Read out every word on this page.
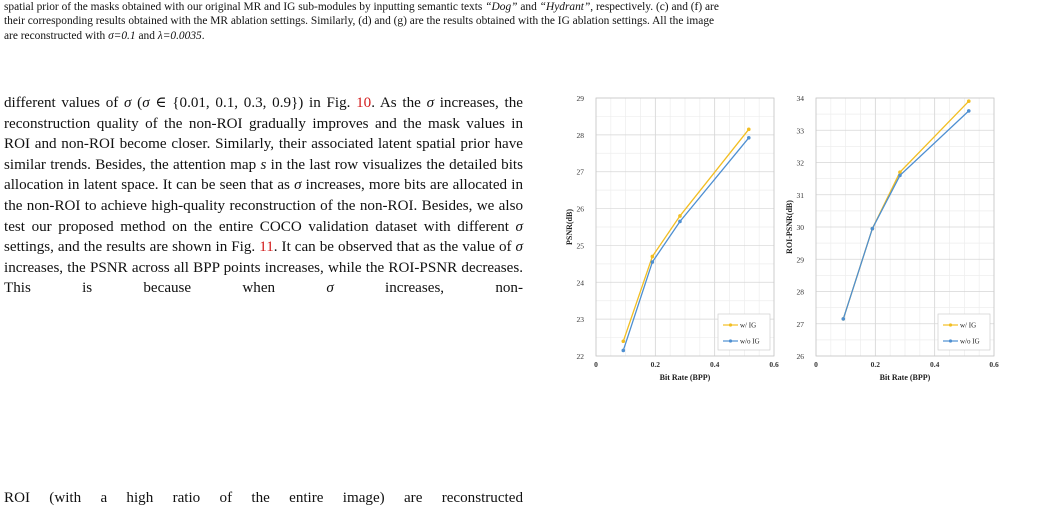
spatial prior of the masks obtained with our original MR and IG sub-modules by inputting semantic texts “Dog” and “Hydrant”, respectively. (c) and (f) are
their corresponding results obtained with the MR ablation settings. Similarly, (d) and (g) are the results obtained with the IG ablation settings. All the image
are reconstructed with σ=0.1 and λ=0.0035.
different values of σ (σ ∈ {0.01, 0.1, 0.3, 0.9}) in Fig. 10. As the σ increases, the reconstruction quality of the non-ROI gradually improves and the mask values in ROI and non-ROI become closer. Similarly, their associated latent spatial prior have similar trends. Besides, the attention map s in the last row visualizes the detailed bits allocation in latent space. It can be seen that as σ increases, more bits are allocated in the non-ROI to achieve high-quality reconstruction of the non-ROI. Besides, we also test our proposed method on the entire COCO validation dataset with different σ settings, and the results are shown in Fig. 11. It can be observed that as the value of σ increases, the PSNR across all BPP points increases, while the ROI-PSNR decreases. This is because when σ increases, non-
ROI (with a high ratio of the entire image) are reconstructed
22
23
24
25
26
27
28
29
0	0.2	0.4	0.6
Bit Rate (BPP)
PSNR(dB)
w/ IG
w/o IG
26
27
28
29
30
31
32
33
34
0	0.2	0.4	0.6
Bit Rate (BPP)
ROI-PSNR(dB)
w/ IG
w/o IG
